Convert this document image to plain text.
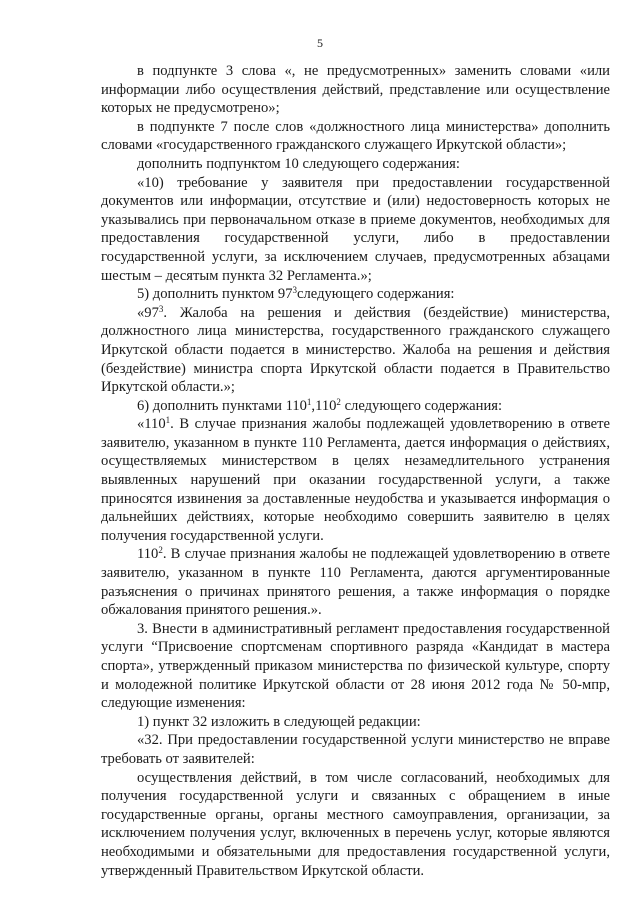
5

в подпункте 3 слова «, не предусмотренных» заменить словами «или информации либо осуществления действий, представление или осуществление которых не предусмотрено»;

в подпункте 7 после слов «должностного лица министерства» дополнить словами «государственного гражданского служащего Иркутской области»;

дополнить подпунктом 10 следующего содержания:

«10) требование у заявителя при предоставлении государственной документов или информации, отсутствие и (или) недостоверность которых не указывались при первоначальном отказе в приеме документов, необходимых для предоставления государственной услуги, либо в предоставлении государственной услуги, за исключением случаев, предусмотренных абзацами шестым – десятым пункта 32 Регламента.»;

5) дополнить пунктом $97^3следующего$ содержания:

«$97^3$. Жалоба на решения и действия (бездействие) министерства, должностного лица министерства, государственного гражданского служащего Иркутской области подается в министерство. Жалоба на решения и действия (бездействие) министра спорта Иркутской области подается в Правительство Иркутской области.»;

6) дополнить пунктами $110^1,110^2$ следующего содержания:

«$110^1$. В случае признания жалобы подлежащей удовлетворению в ответе заявителю, указанном в пункте 110 Регламента, дается информация о действиях, осуществляемых министерством в целях незамедлительного устранения выявленных нарушений при оказании государственной услуги, а также приносятся извинения за доставленные неудобства и указывается информация о дальнейших действиях, которые необходимо совершить заявителю в целях получения государственной услуги.

$110^2$. В случае признания жалобы не подлежащей удовлетворению в ответе заявителю, указанном в пункте 110 Регламента, даются аргументированные разъяснения о причинах принятого решения, а также информация о порядке обжалования принятого решения.».

3. Внести в административный регламент предоставления государственной услуги “Присвоение спортсменам спортивного разряда «Кандидат в мастера спорта», утвержденный приказом министерства по физической культуре, спорту и молодежной политике Иркутской области от 28 июня 2012 года № 50-мпр, следующие изменения:

1) пункт 32 изложить в следующей редакции:

«32. При предоставлении государственной услуги министерство не вправе требовать от заявителей:

осуществления действий, в том числе согласований, необходимых для получения государственной услуги и связанных с обращением в иные государственные органы, органы местного самоуправления, организации, за исключением получения услуг, включенных в перечень услуг, которые являются необходимыми и обязательными для предоставления государственной услуги, утвержденный Правительством Иркутской области.
